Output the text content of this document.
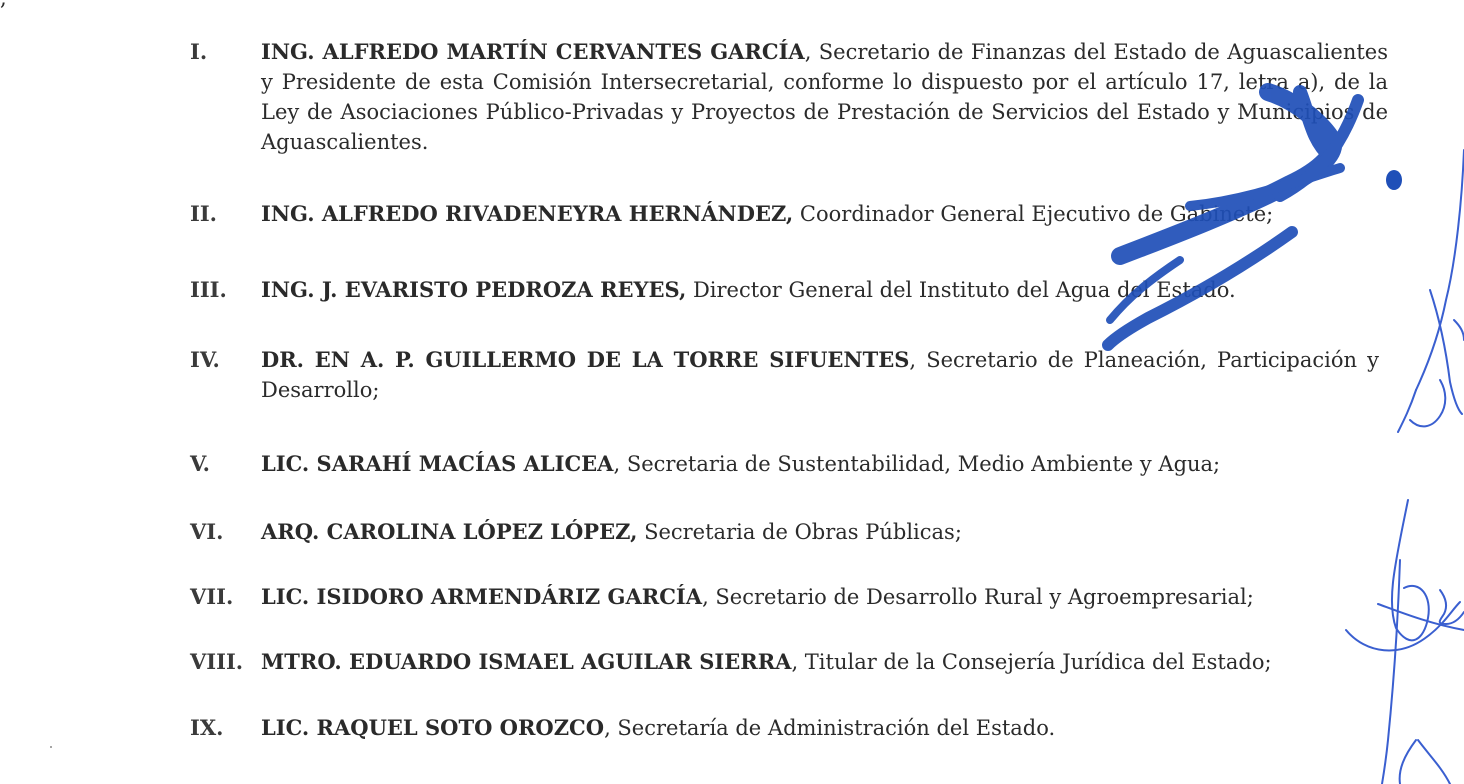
I.	ING. ALFREDO MARTÍN CERVANTES GARCÍA, Secretario de Finanzas del Estado de Aguascalientes y Presidente de esta Comisión Intersecretarial, conforme lo dispuesto por el artículo 17, letra a), de la Ley de Asociaciones Público-Privadas y Proyectos de Prestación de Servicios del Estado y Municipios de Aguascalientes.
II.	ING. ALFREDO RIVADENEYRA HERNÁNDEZ, Coordinador General Ejecutivo de Gabinete;
III.	ING. J. EVARISTO PEDROZA REYES, Director General del Instituto del Agua del Estado.
IV.	DR. EN A. P. GUILLERMO DE LA TORRE SIFUENTES, Secretario de Planeación, Participación y Desarrollo;
V.	LIC. SARAHÍ MACÍAS ALICEA, Secretaria de Sustentabilidad, Medio Ambiente y Agua;
VI.	ARQ. CAROLINA LÓPEZ LÓPEZ, Secretaria de Obras Públicas;
VII.	LIC. ISIDORO ARMENDÁRIZ GARCÍA, Secretario de Desarrollo Rural y Agroempresarial;
VIII. MTRO. EDUARDO ISMAEL AGUILAR SIERRA, Titular de la Consejería Jurídica del Estado;
IX.	LIC. RAQUEL SOTO OROZCO, Secretaría de Administración del Estado.
